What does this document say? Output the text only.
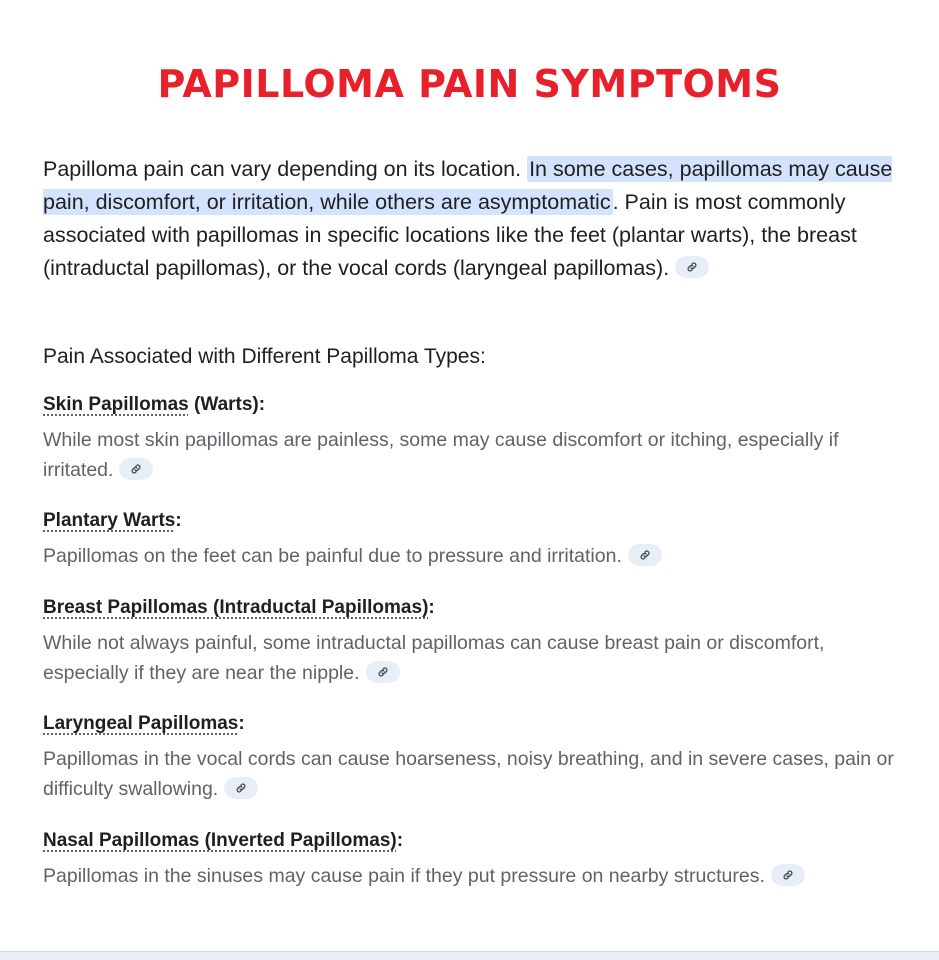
PAPILLOMA PAIN SYMPTOMS

Papilloma pain can vary depending on its location. In some cases, papillomas may cause pain, discomfort, or irritation, while others are asymptomatic. Pain is most commonly associated with papillomas in specific locations like the feet (plantar warts), the breast (intraductal papillomas), or the vocal cords (laryngeal papillomas).

Pain Associated with Different Papilloma Types:

Skin Papillomas (Warts):

While most skin papillomas are painless, some may cause discomfort or itching, especially if irritated.

Plantary Warts:

Papillomas on the feet can be painful due to pressure and irritation.

Breast Papillomas (Intraductal Papillomas):

While not always painful, some intraductal papillomas can cause breast pain or discomfort, especially if they are near the nipple.

Laryngeal Papillomas:

Papillomas in the vocal cords can cause hoarseness, noisy breathing, and in severe cases, pain or difficulty swallowing.

Nasal Papillomas (Inverted Papillomas):

Papillomas in the sinuses may cause pain if they put pressure on nearby structures.
